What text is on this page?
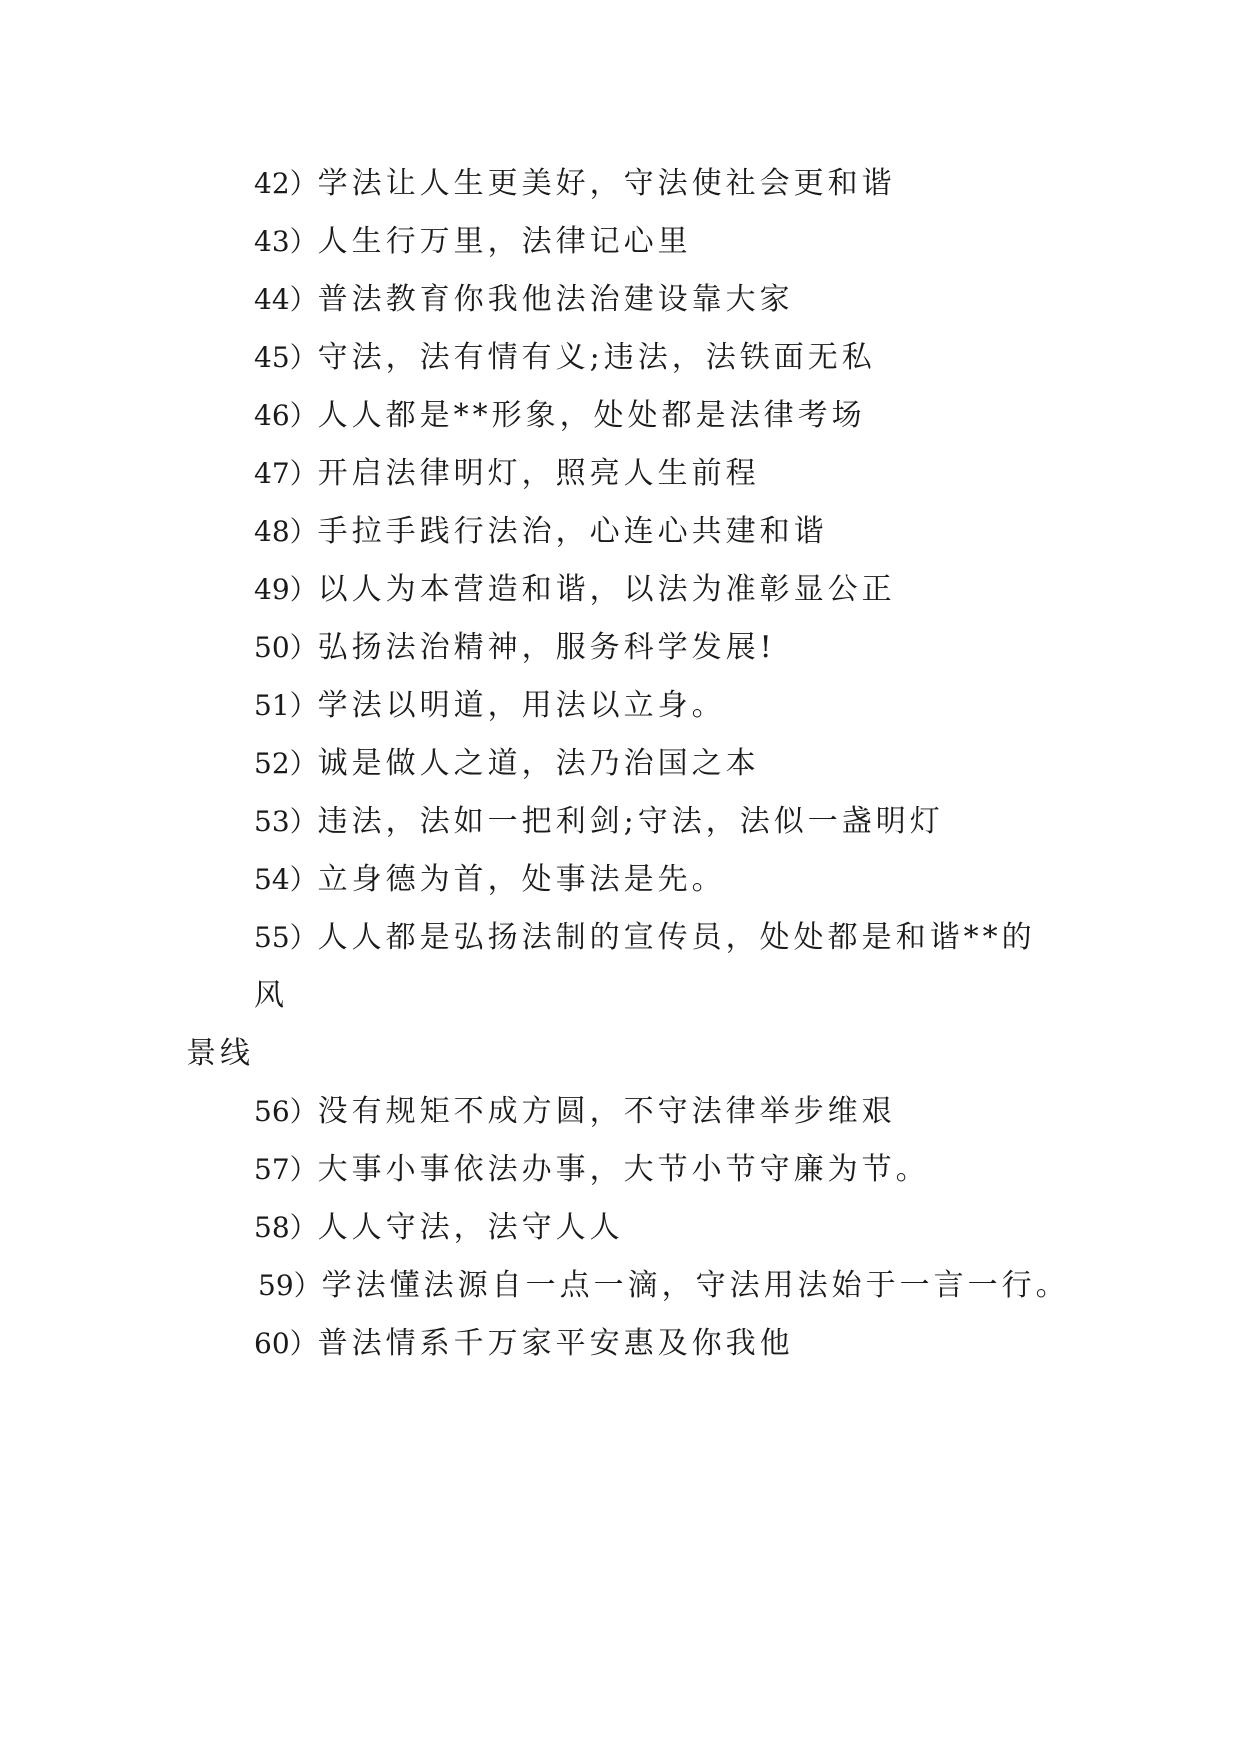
42）学法让人生更美好，守法使社会更和谐
43）人生行万里，法律记心里
44）普法教育你我他法治建设靠大家
45）守法，法有情有义;违法，法铁面无私
46）人人都是**形象，处处都是法律考场
47）开启法律明灯，照亮人生前程
48）手拉手践行法治，心连心共建和谐
49）以人为本营造和谐，以法为准彰显公正
50）弘扬法治精神，服务科学发展!
51）学法以明道，用法以立身。
52）诚是做人之道，法乃治国之本
53）违法，法如一把利剑;守法，法似一盏明灯
54）立身德为首，处事法是先。
55）人人都是弘扬法制的宣传员，处处都是和谐**的风
景线
56）没有规矩不成方圆，不守法律举步维艰
57）大事小事依法办事，大节小节守廉为节。
58）人人守法，法守人人
59）学法懂法源自一点一滴，守法用法始于一言一行。
60）普法情系千万家平安惠及你我他
